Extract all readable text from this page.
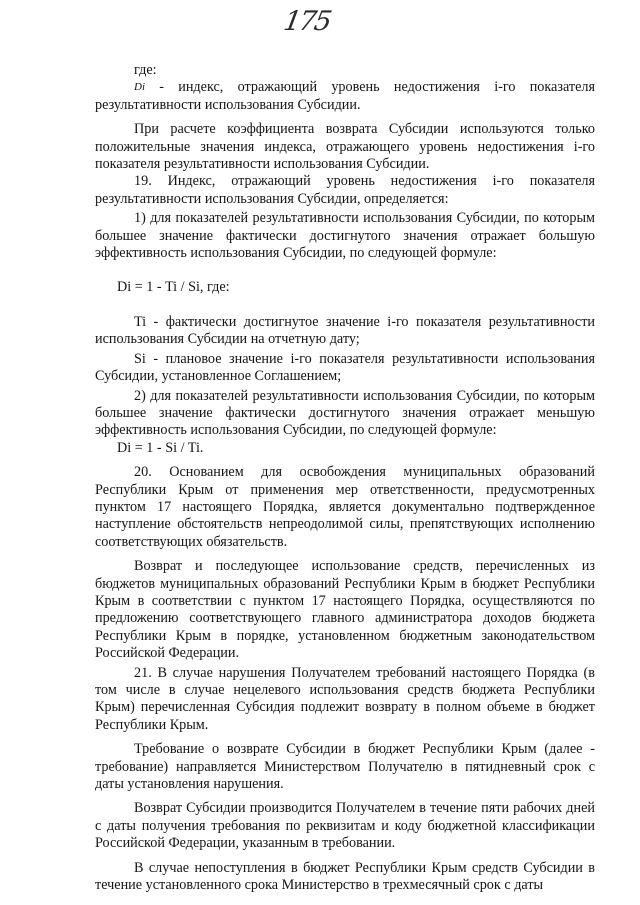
175

где:

Di - индекс, отражающий уровень недостижения i-го показателя результативности использования Субсидии.

При расчете коэффициента возврата Субсидии используются только положительные значения индекса, отражающего уровень недостижения i-го показателя результативности использования Субсидии.

19. Индекс, отражающий уровень недостижения i-го показателя результативности использования Субсидии, определяется:

1) для показателей результативности использования Субсидии, по которым большее значение фактически достигнутого значения отражает большую эффективность использования Субсидии, по следующей формуле:

Di = 1 - Ti / Si, где:

Ti - фактически достигнутое значение i-го показателя результативности использования Субсидии на отчетную дату;

Si - плановое значение i-го показателя результативности использования Субсидии, установленное Соглашением;

2) для показателей результативности использования Субсидии, по которым большее значение фактически достигнутого значения отражает меньшую эффективность использования Субсидии, по следующей формуле:

Di = 1 - Si / Ti.

20. Основанием для освобождения муниципальных образований Республики Крым от применения мер ответственности, предусмотренных пунктом 17 настоящего Порядка, является документально подтвержденное наступление обстоятельств непреодолимой силы, препятствующих исполнению соответствующих обязательств.

Возврат и последующее использование средств, перечисленных из бюджетов муниципальных образований Республики Крым в бюджет Республики Крым в соответствии с пунктом 17 настоящего Порядка, осуществляются по предложению соответствующего главного администратора доходов бюджета Республики Крым в порядке, установленном бюджетным законодательством Российской Федерации.

21. В случае нарушения Получателем требований настоящего Порядка (в том числе в случае нецелевого использования средств бюджета Республики Крым) перечисленная Субсидия подлежит возврату в полном объеме в бюджет Республики Крым.

Требование о возврате Субсидии в бюджет Республики Крым (далее - требование) направляется Министерством Получателю в пятидневный срок с даты установления нарушения.

Возврат Субсидии производится Получателем в течение пяти рабочих дней с даты получения требования по реквизитам и коду бюджетной классификации Российской Федерации, указанным в требовании.

В случае непоступления в бюджет Республики Крым средств Субсидии в течение установленного срока Министерство в трехмесячный срок с даты
